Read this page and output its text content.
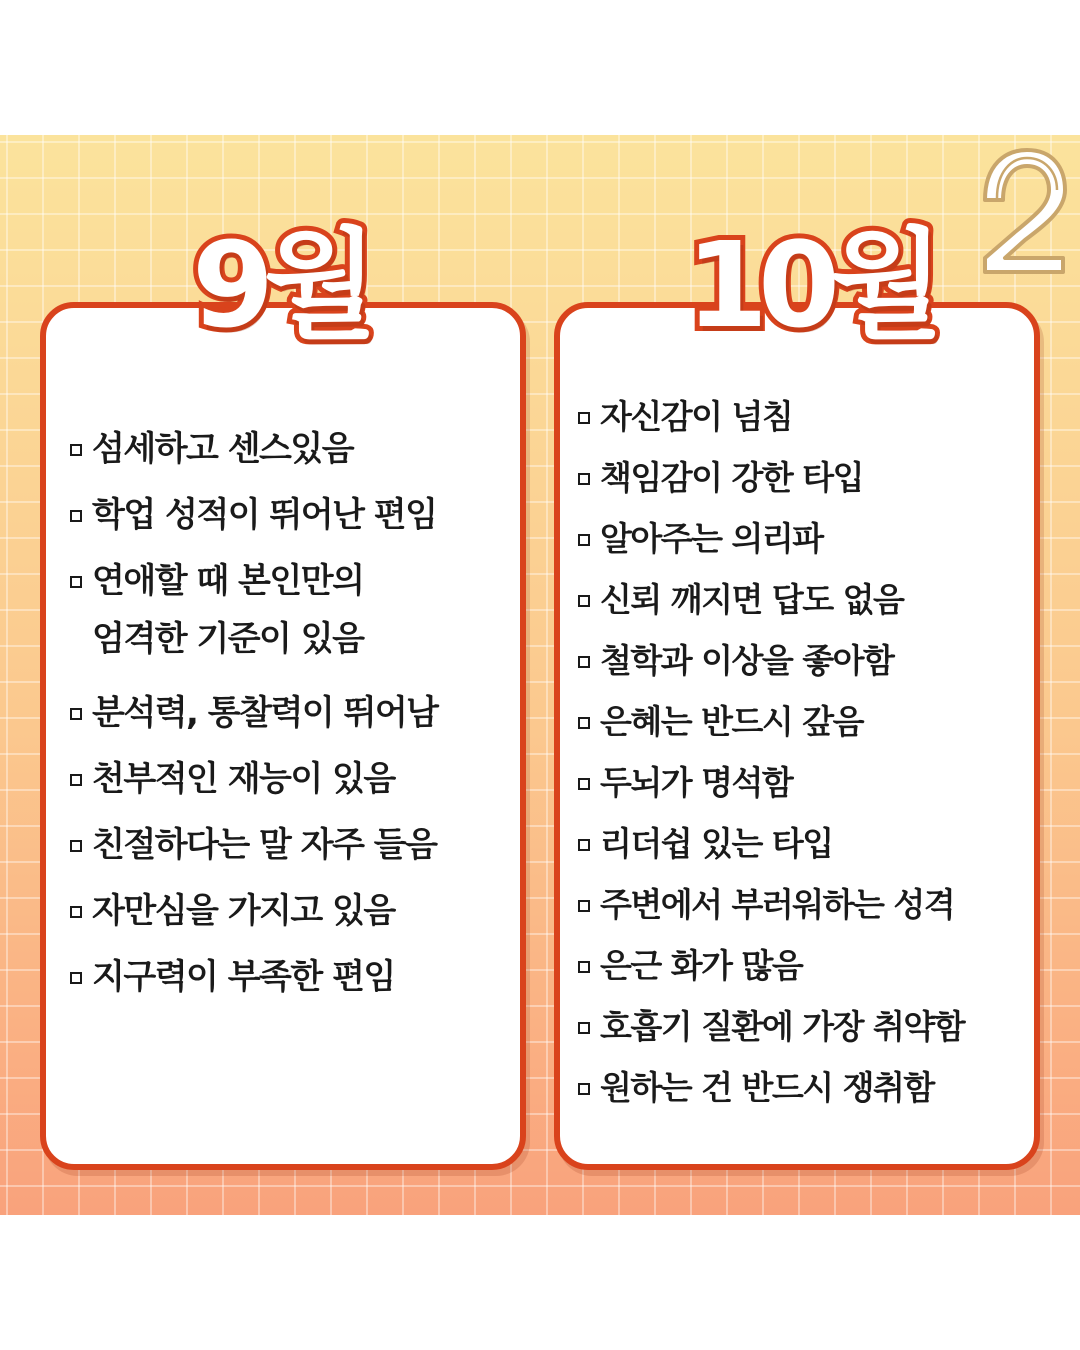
9월	10월
섬세하고 센스있음
학업 성적이 뛰어난 편임
연애할 때 본인만의
엄격한 기준이 있음
분석력, 통찰력이 뛰어남
천부적인 재능이 있음
친절하다는 말 자주 들음
자만심을 가지고 있음
지구력이 부족한 편임
자신감이 넘침
책임감이 강한 타입
알아주는 의리파
신뢰 깨지면 답도 없음
철학과 이상을 좋아함
은혜는 반드시 갚음
두뇌가 명석함
리더쉽 있는 타입
주변에서 부러워하는 성격
은근 화가 많음
호흡기 질환에 가장 취약함
원하는 건 반드시 쟁취함
